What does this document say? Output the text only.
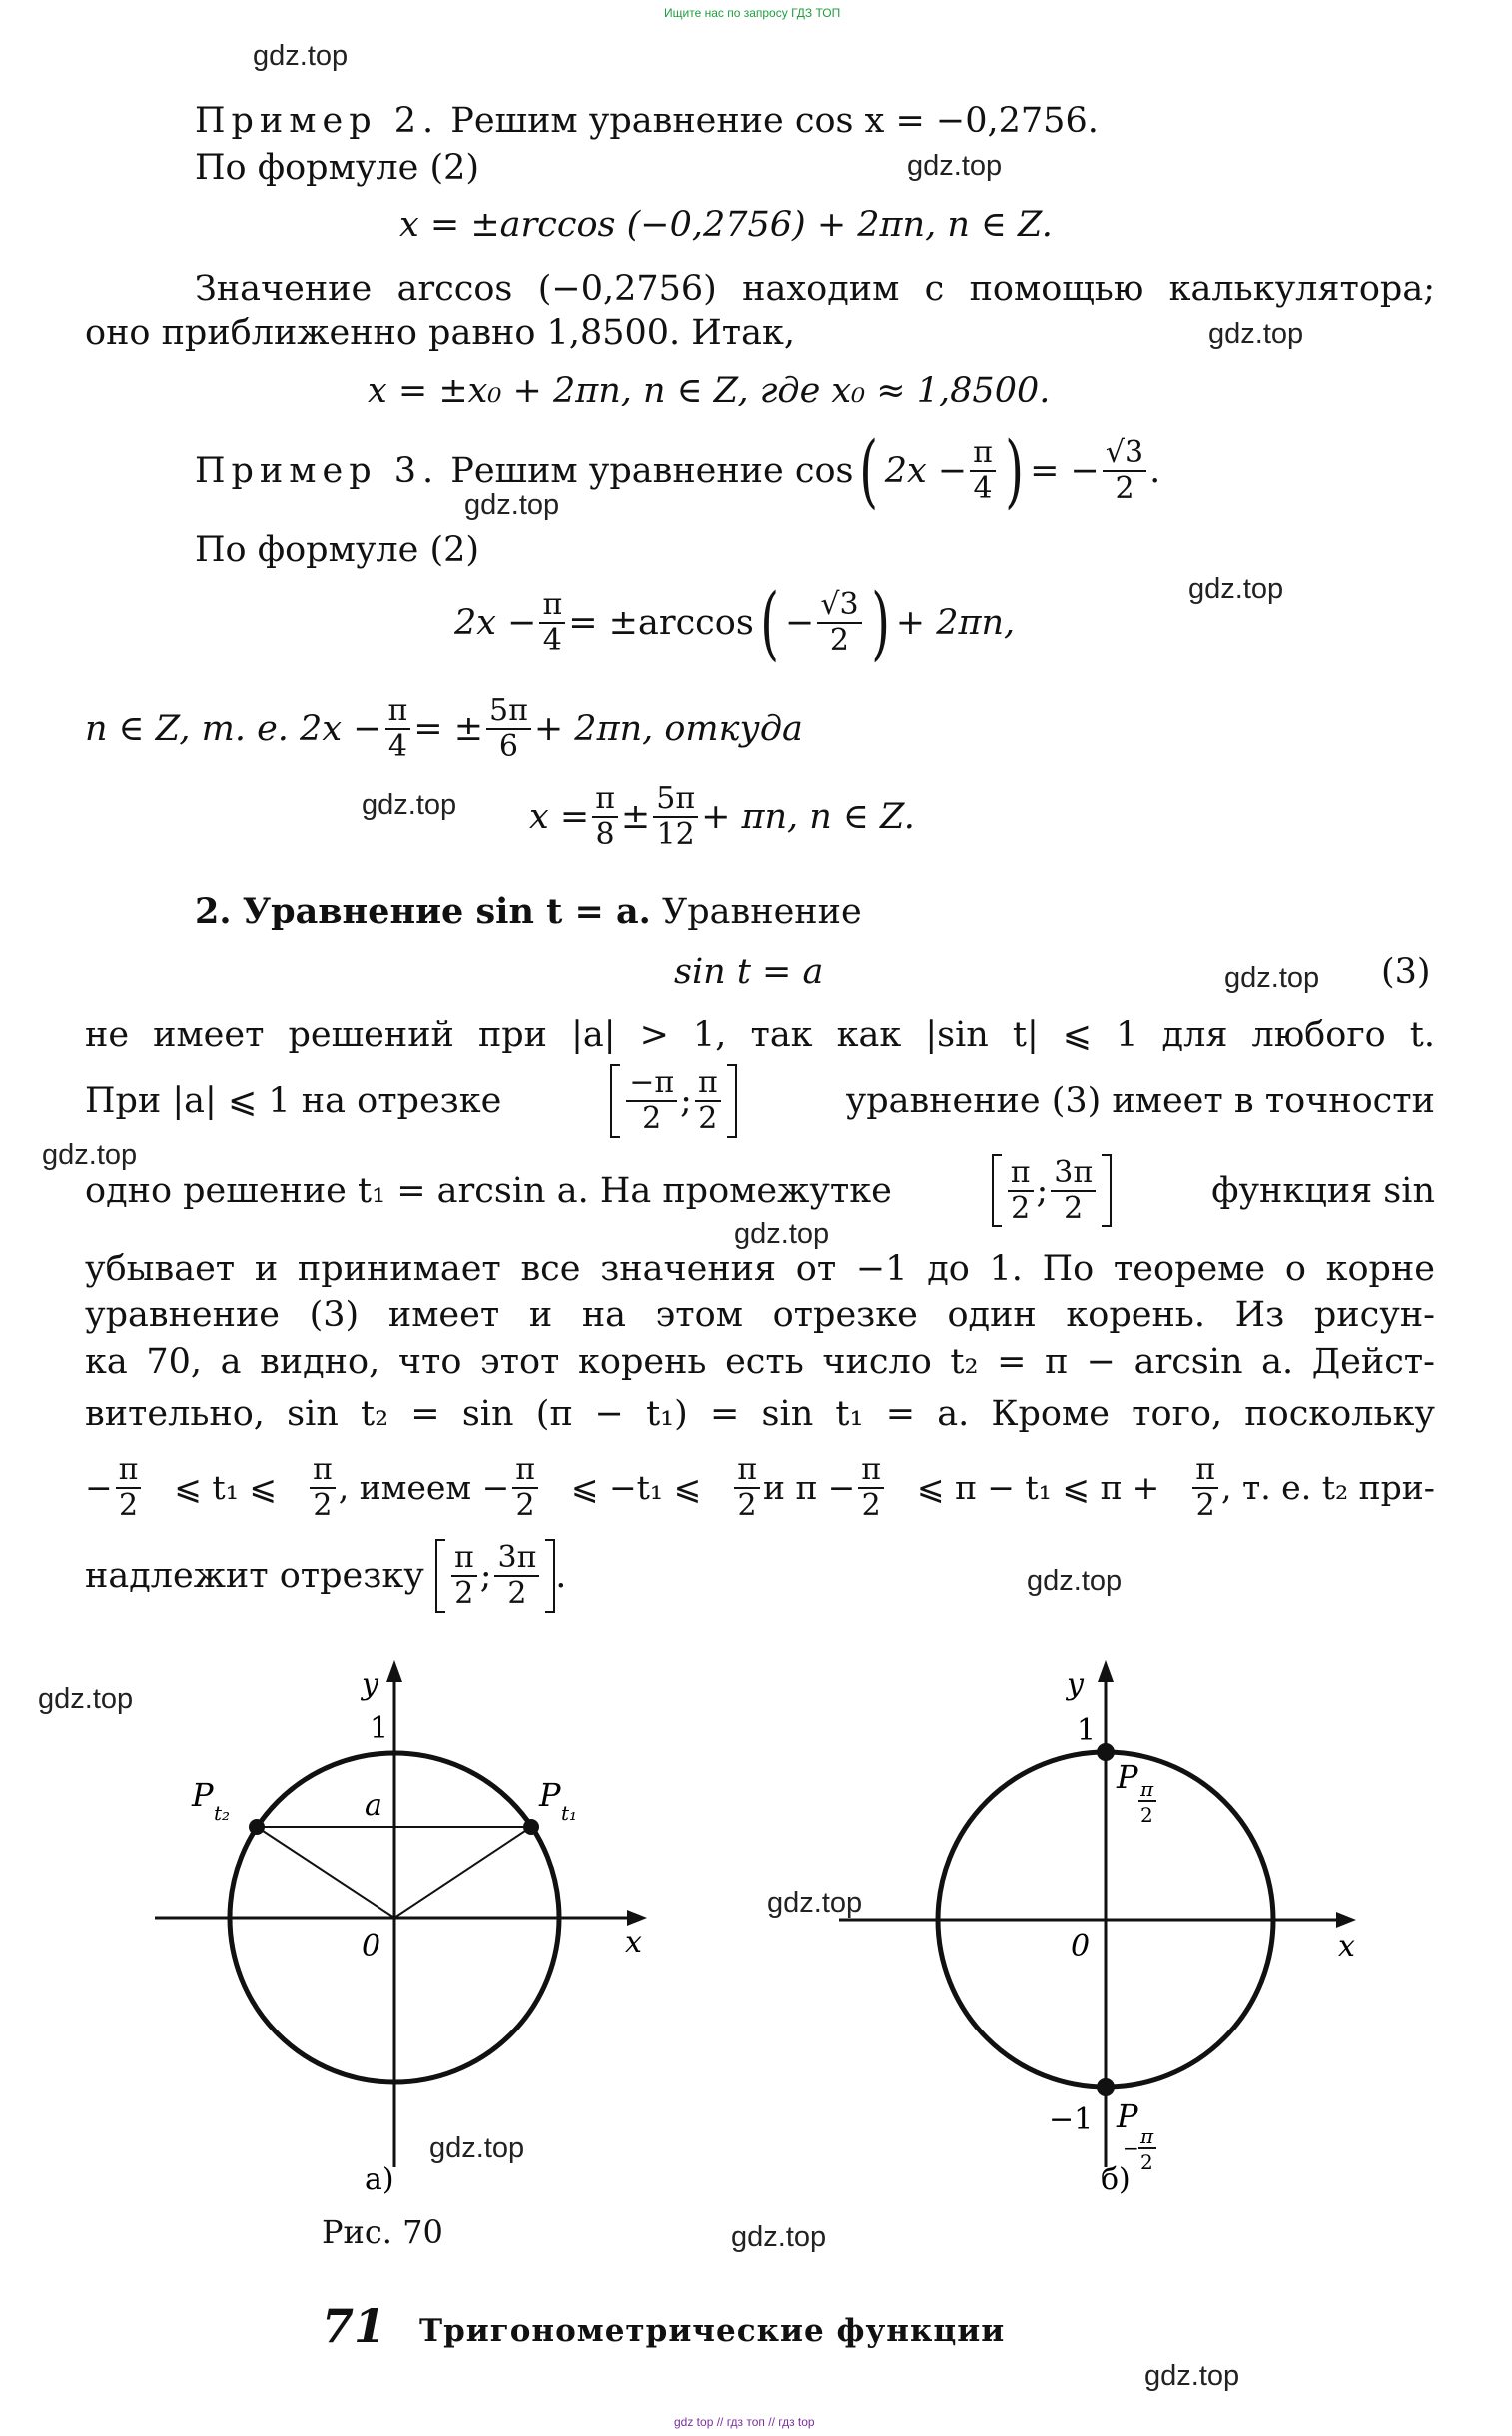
Ищите нас по запросу ГДЗ ТОП
gdz.top
gdz.top
gdz.top
gdz.top
gdz.top
gdz.top
gdz.top
gdz.top
gdz.top
gdz.top
gdz.top
gdz.top
gdz.top
gdz.top
gdz.top
gdz top // гдз топ // гдз top
Пример 2. Решим уравнение cos x = −0,2756.
По формуле (2)
x = ±arccos (−0,2756) + 2πn, n ∈ Z.
Значение arccos (−0,2756) находим с помощью калькулятора;
оно приближенно равно 1,8500. Итак,
x = ±x₀ + 2πn, n ∈ Z, где x₀ ≈ 1,8500.
Пример 3.
Решим уравнение cos ( $2x - \frac{\pi}{4}$ ) = − $\frac{√3}{2}$ .
По формуле (2)
$2x - \frac{\pi}{4} = \pm\arccos$ ( − $\frac{√3}{2}$ ) + 2πn,
n ∈ Z, т. е. $2x - \frac{\pi}{4}$ = ± $\frac{5\pi}{6} + 2\pi n$, откуда
$x = \frac{\pi}{8} \pm \frac{5\pi}{12} + \pi n$, n ∈ Z.
2. Уравнение sin t = a. Уравнение
sin t = a	(3)
не имеет решений при |a| > 1, так как |sin t| ⩽ 1 для любого t.
При |a| ⩽ 1 на отрезке	$\frac{-\pi}{2}$ ; $\frac{\pi}{2}$	уравнение (3) имеет в точности
одно решение t₁ = arcsin a. На промежутке	$\frac{\pi}{2}$ ; $\frac{3\pi}{2}$	функция sin
убывает и принимает все значения от −1 до 1. По теореме о корне
уравнение (3) имеет и на этом отрезке один корень. Из рисун-
ка 70, а видно, что этот корень есть число t₂ = π − arcsin a. Дейст-
вительно, sin t₂ = sin (π − t₁) = sin t₁ = a. Кроме того, поскольку
− $\frac{\pi}{2}$ ⩽ t₁ ⩽ $\frac{\pi}{2}$ , имеем − $\frac{\pi}{2}$ ⩽ −t₁ ⩽ $\frac{\pi}{2}$ и $\pi - \frac{\pi}{2}$ ⩽ π − t₁ ⩽ $\pi + \frac{\pi}{2}$ , т. е. t₂ при-
надлежит отрезку
$\frac{\pi}{2}$ ; $\frac{3\pi}{2}$ .
y
x
0
1
a	P t₁
P t₂
а)
y
x
0
1
−1
P π
2
P
− π
2
б)
Рис. 70
71 Тригонометрические функции
